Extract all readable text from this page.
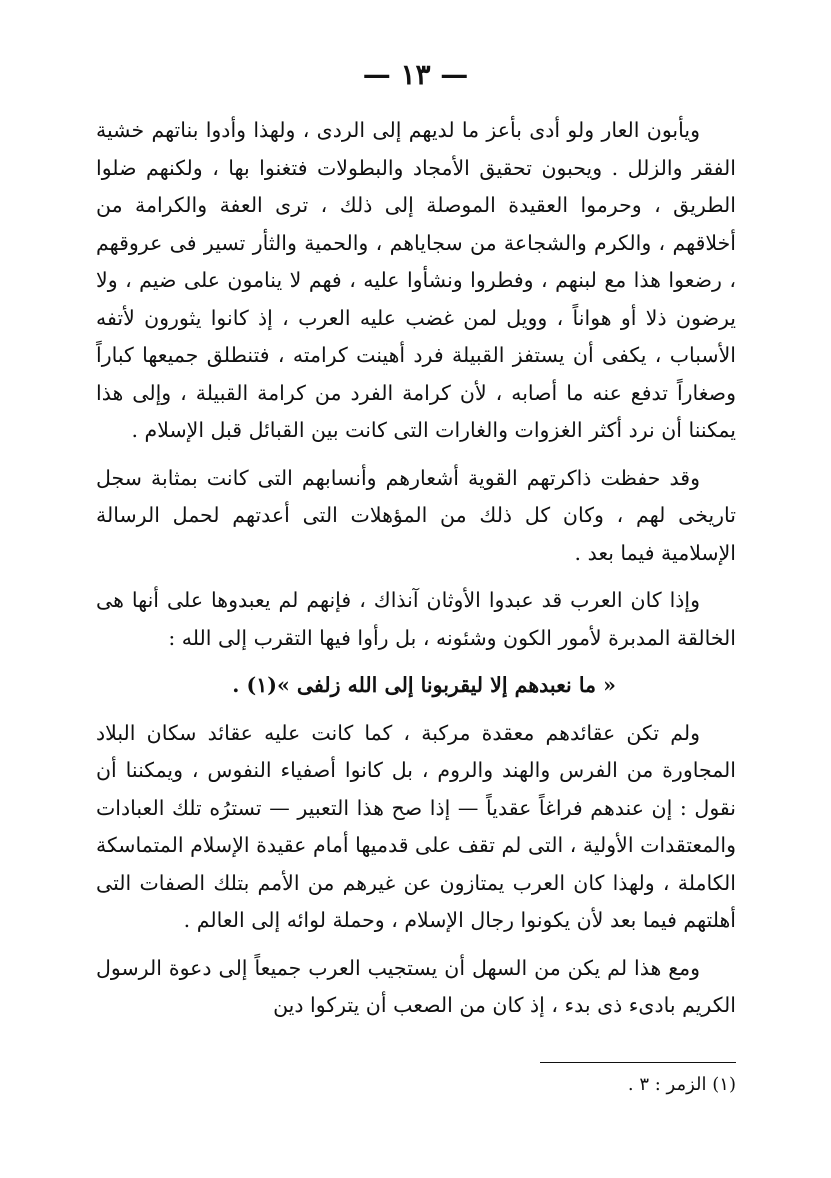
— ١٣ —

ويأبون العار ولو أدى بأعز ما لديهم إلى الردى ، ولهذا وأدوا بناتهم خشية الفقر والزلل . ويحبون تحقيق الأمجاد والبطولات فتغنوا بها ، ولكنهم ضلوا الطريق ، وحرموا العقيدة الموصلة إلى ذلك ، ترى العفة والكرامة من أخلاقهم ، والكرم والشجاعة من سجاياهم ، والحمية والثأر تسير فى عروقهم ، رضعوا هذا مع لبنهم ، وفطروا ونشأوا عليه ، فهم لا ينامون على ضيم ، ولا يرضون ذلا أو هواناً ، وويل لمن غضب عليه العرب ، إذ كانوا يثورون لأتفه الأسباب ، يكفى أن يستفز القبيلة فرد أهينت كرامته ، فتنطلق جميعها كباراً وصغاراً تدفع عنه ما أصابه ، لأن كرامة الفرد من كرامة القبيلة ، وإلى هذا يمكننا أن نرد أكثر الغزوات والغارات التى كانت بين القبائل قبل الإسلام .

وقد حفظت ذاكرتهم القوية أشعارهم وأنسابهم التى كانت بمثابة سجل تاريخى لهم ، وكان كل ذلك من المؤهلات التى أعدتهم لحمل الرسالة الإسلامية فيما بعد .

وإذا كان العرب قد عبدوا الأوثان آنذاك ، فإنهم لم يعبدوها على أنها هى الخالقة المدبرة لأمور الكون وشئونه ، بل رأوا فيها التقرب إلى الله :

« ما نعبدهم إلا ليقربونا إلى الله زلفى »(١) .

ولم تكن عقائدهم معقدة مركبة ، كما كانت عليه عقائد سكان البلاد المجاورة من الفرس والهند والروم ، بل كانوا أصفياء النفوس ، ويمكننا أن نقول : إن عندهم فراغاً عقدياً — إذا صح هذا التعبير — تسترُه تلك العبادات والمعتقدات الأولية ، التى لم تقف على قدميها أمام عقيدة الإسلام المتماسكة الكاملة ، ولهذا كان العرب يمتازون عن غيرهم من الأمم بتلك الصفات التى أهلتهم فيما بعد لأن يكونوا رجال الإسلام ، وحملة لوائه إلى العالم .

ومع هذا لم يكن من السهل أن يستجيب العرب جميعاً إلى دعوة الرسول الكريم بادىء ذى بدء ، إذ كان من الصعب أن يتركوا دين

(١) الزمر : ٣ .
